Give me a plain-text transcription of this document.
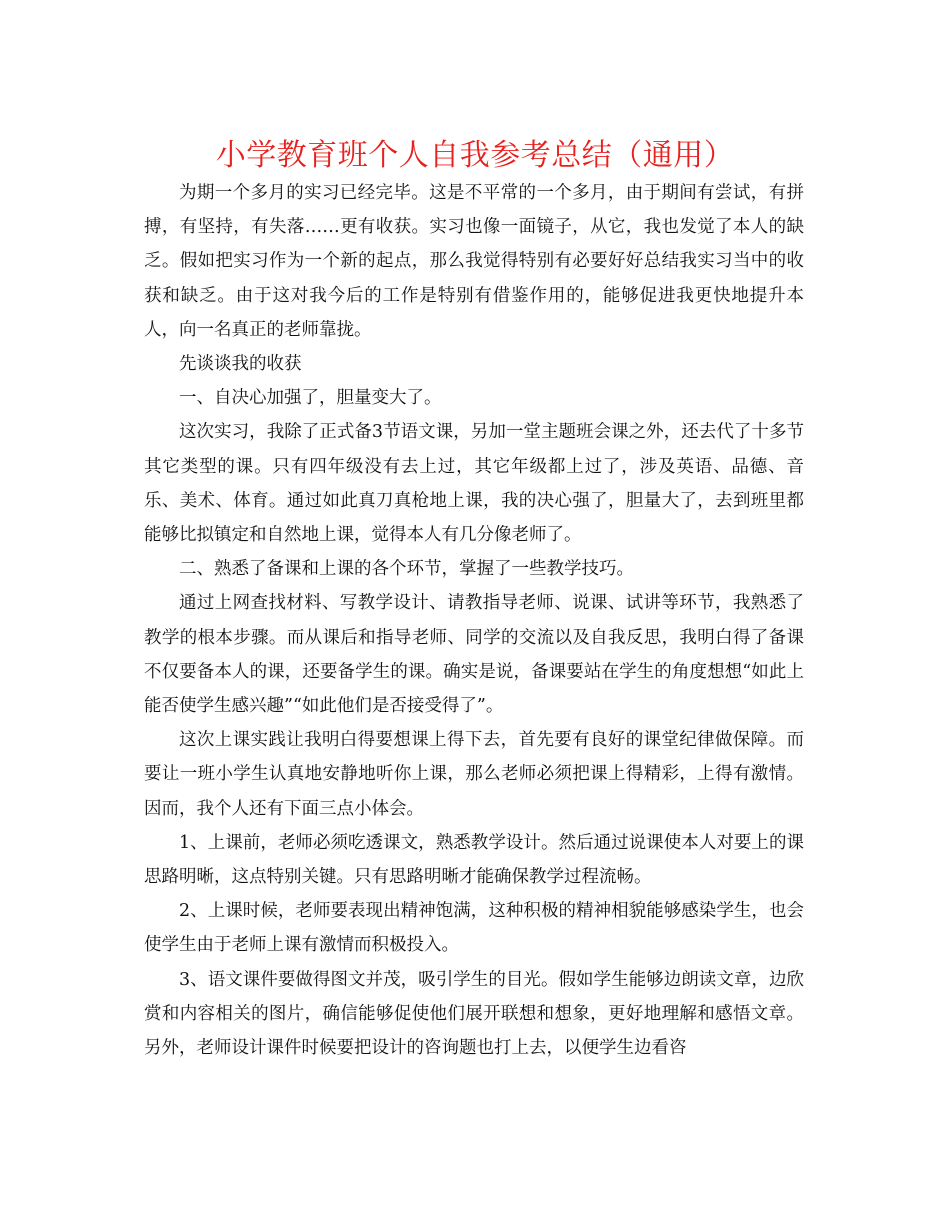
小学教育班个人自我参考总结（通用）

为期一个多月的实习已经完毕。这是不平常的一个多月，由于期间有尝试，有拼搏，有坚持，有失落……更有收获。实习也像一面镜子，从它，我也发觉了本人的缺乏。假如把实习作为一个新的起点，那么我觉得特别有必要好好总结我实习当中的收获和缺乏。由于这对我今后的工作是特别有借鉴作用的，能够促进我更快地提升本人，向一名真正的老师靠拢。

先谈谈我的收获

一、自决心加强了，胆量变大了。

这次实习，我除了正式备3节语文课，另加一堂主题班会课之外，还去代了十多节其它类型的课。只有四年级没有去上过，其它年级都上过了，涉及英语、品德、音乐、美术、体育。通过如此真刀真枪地上课，我的决心强了，胆量大了，去到班里都能够比拟镇定和自然地上课，觉得本人有几分像老师了。

二、熟悉了备课和上课的各个环节，掌握了一些教学技巧。

通过上网查找材料、写教学设计、请教指导老师、说课、试讲等环节，我熟悉了教学的根本步骤。而从课后和指导老师、同学的交流以及自我反思，我明白得了备课不仅要备本人的课，还要备学生的课。确实是说，备课要站在学生的角度想想“如此上能否使学生感兴趣”“如此他们是否接受得了”。

这次上课实践让我明白得要想课上得下去，首先要有良好的课堂纪律做保障。而要让一班小学生认真地安静地听你上课，那么老师必须把课上得精彩，上得有激情。因而，我个人还有下面三点小体会。

1、上课前，老师必须吃透课文，熟悉教学设计。然后通过说课使本人对要上的课思路明晰，这点特别关键。只有思路明晰才能确保教学过程流畅。

2、上课时候，老师要表现出精神饱满，这种积极的精神相貌能够感染学生，也会使学生由于老师上课有激情而积极投入。

3、语文课件要做得图文并茂，吸引学生的目光。假如学生能够边朗读文章，边欣赏和内容相关的图片，确信能够促使他们展开联想和想象，更好地理解和感悟文章。另外，老师设计课件时候要把设计的咨询题也打上去，以便学生边看咨
